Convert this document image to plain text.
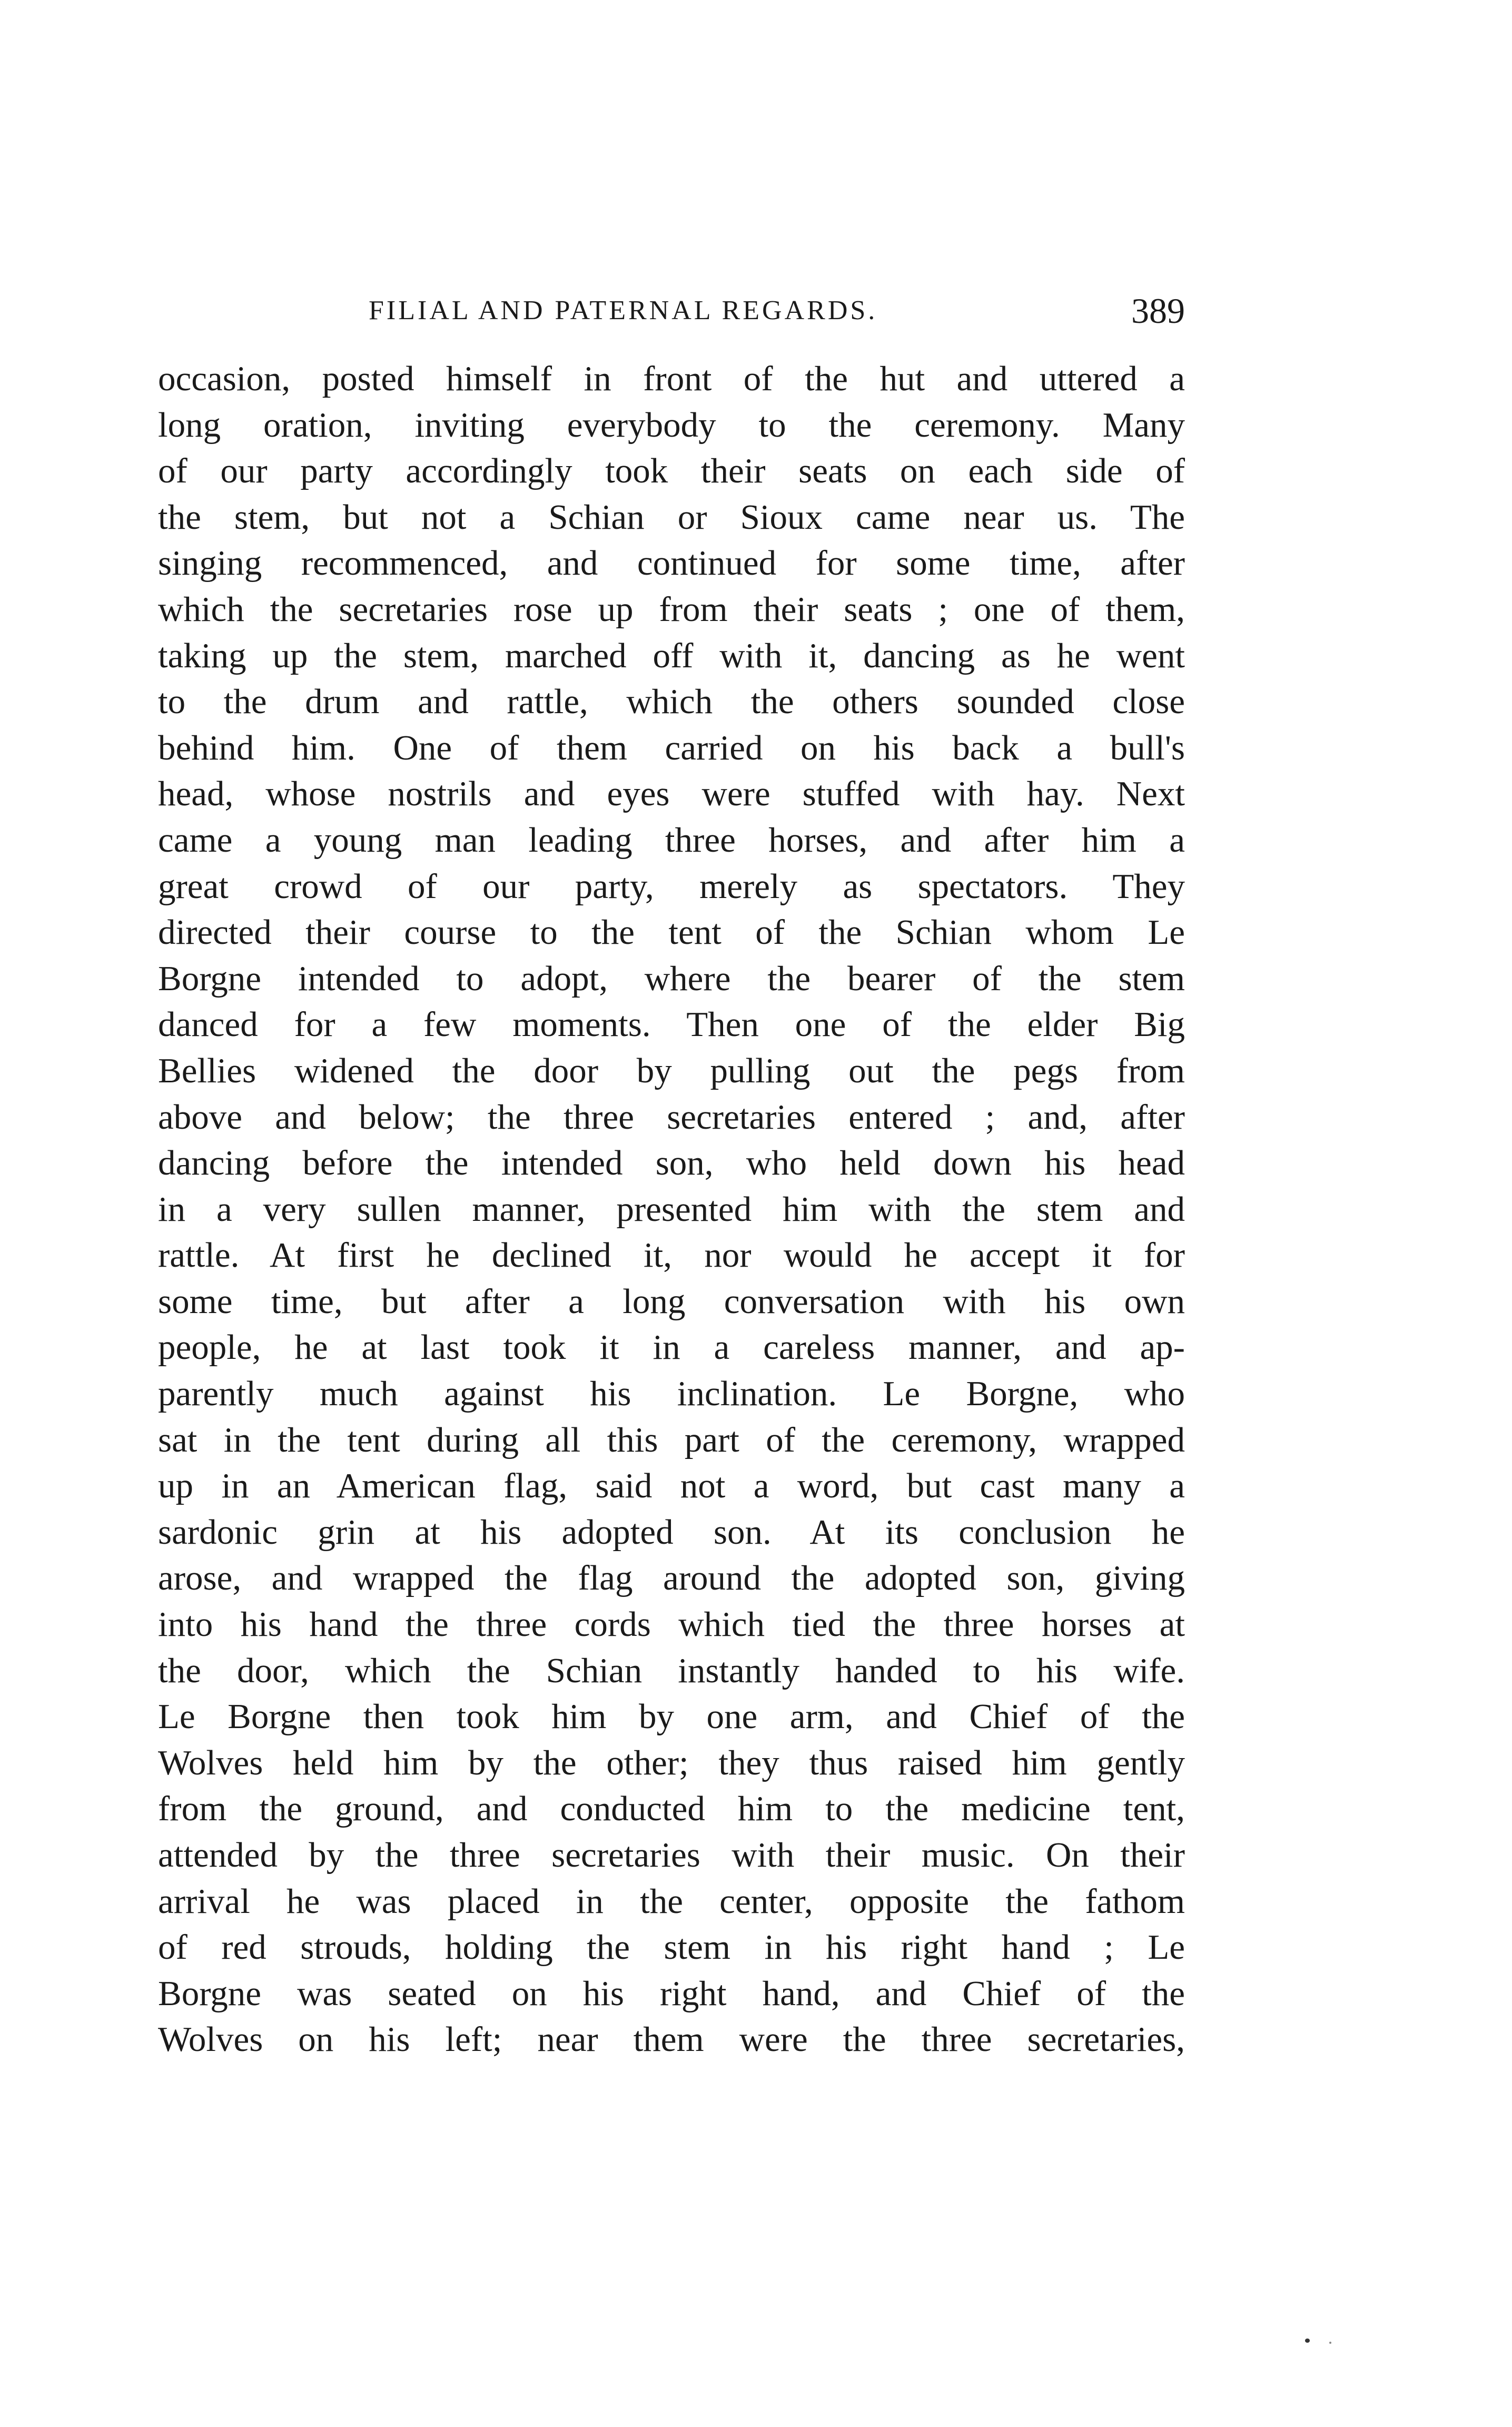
FILIAL AND PATERNAL REGARDS.	389
occasion, posted himself in front of the hut and uttered a
long oration, inviting everybody to the ceremony. Many
of our party accordingly took their seats on each side of
the stem, but not a Schian or Sioux came near us. The
singing recommenced, and continued for some time, after
which the secretaries rose up from their seats ; one of them,
taking up the stem, marched off with it, dancing as he went
to the drum and rattle, which the others sounded close
behind him. One of them carried on his back a bull's
head, whose nostrils and eyes were stuffed with hay. Next
came a young man leading three horses, and after him a
great crowd of our party, merely as spectators. They
directed their course to the tent of the Schian whom Le
Borgne intended to adopt, where the bearer of the stem
danced for a few moments. Then one of the elder Big
Bellies widened the door by pulling out the pegs from
above and below; the three secretaries entered ; and, after
dancing before the intended son, who held down his head
in a very sullen manner, presented him with the stem and
rattle. At first he declined it, nor would he accept it for
some time, but after a long conversation with his own
people, he at last took it in a careless manner, and ap-
parently much against his inclination. Le Borgne, who
sat in the tent during all this part of the ceremony, wrapped
up in an American flag, said not a word, but cast many a
sardonic grin at his adopted son. At its conclusion he
arose, and wrapped the flag around the adopted son, giving
into his hand the three cords which tied the three horses at
the door, which the Schian instantly handed to his wife.
Le Borgne then took him by one arm, and Chief of the
Wolves held him by the other; they thus raised him gently
from the ground, and conducted him to the medicine tent,
attended by the three secretaries with their music. On their
arrival he was placed in the center, opposite the fathom
of red strouds, holding the stem in his right hand ; Le
Borgne was seated on his right hand, and Chief of the
Wolves on his left; near them were the three secretaries,
